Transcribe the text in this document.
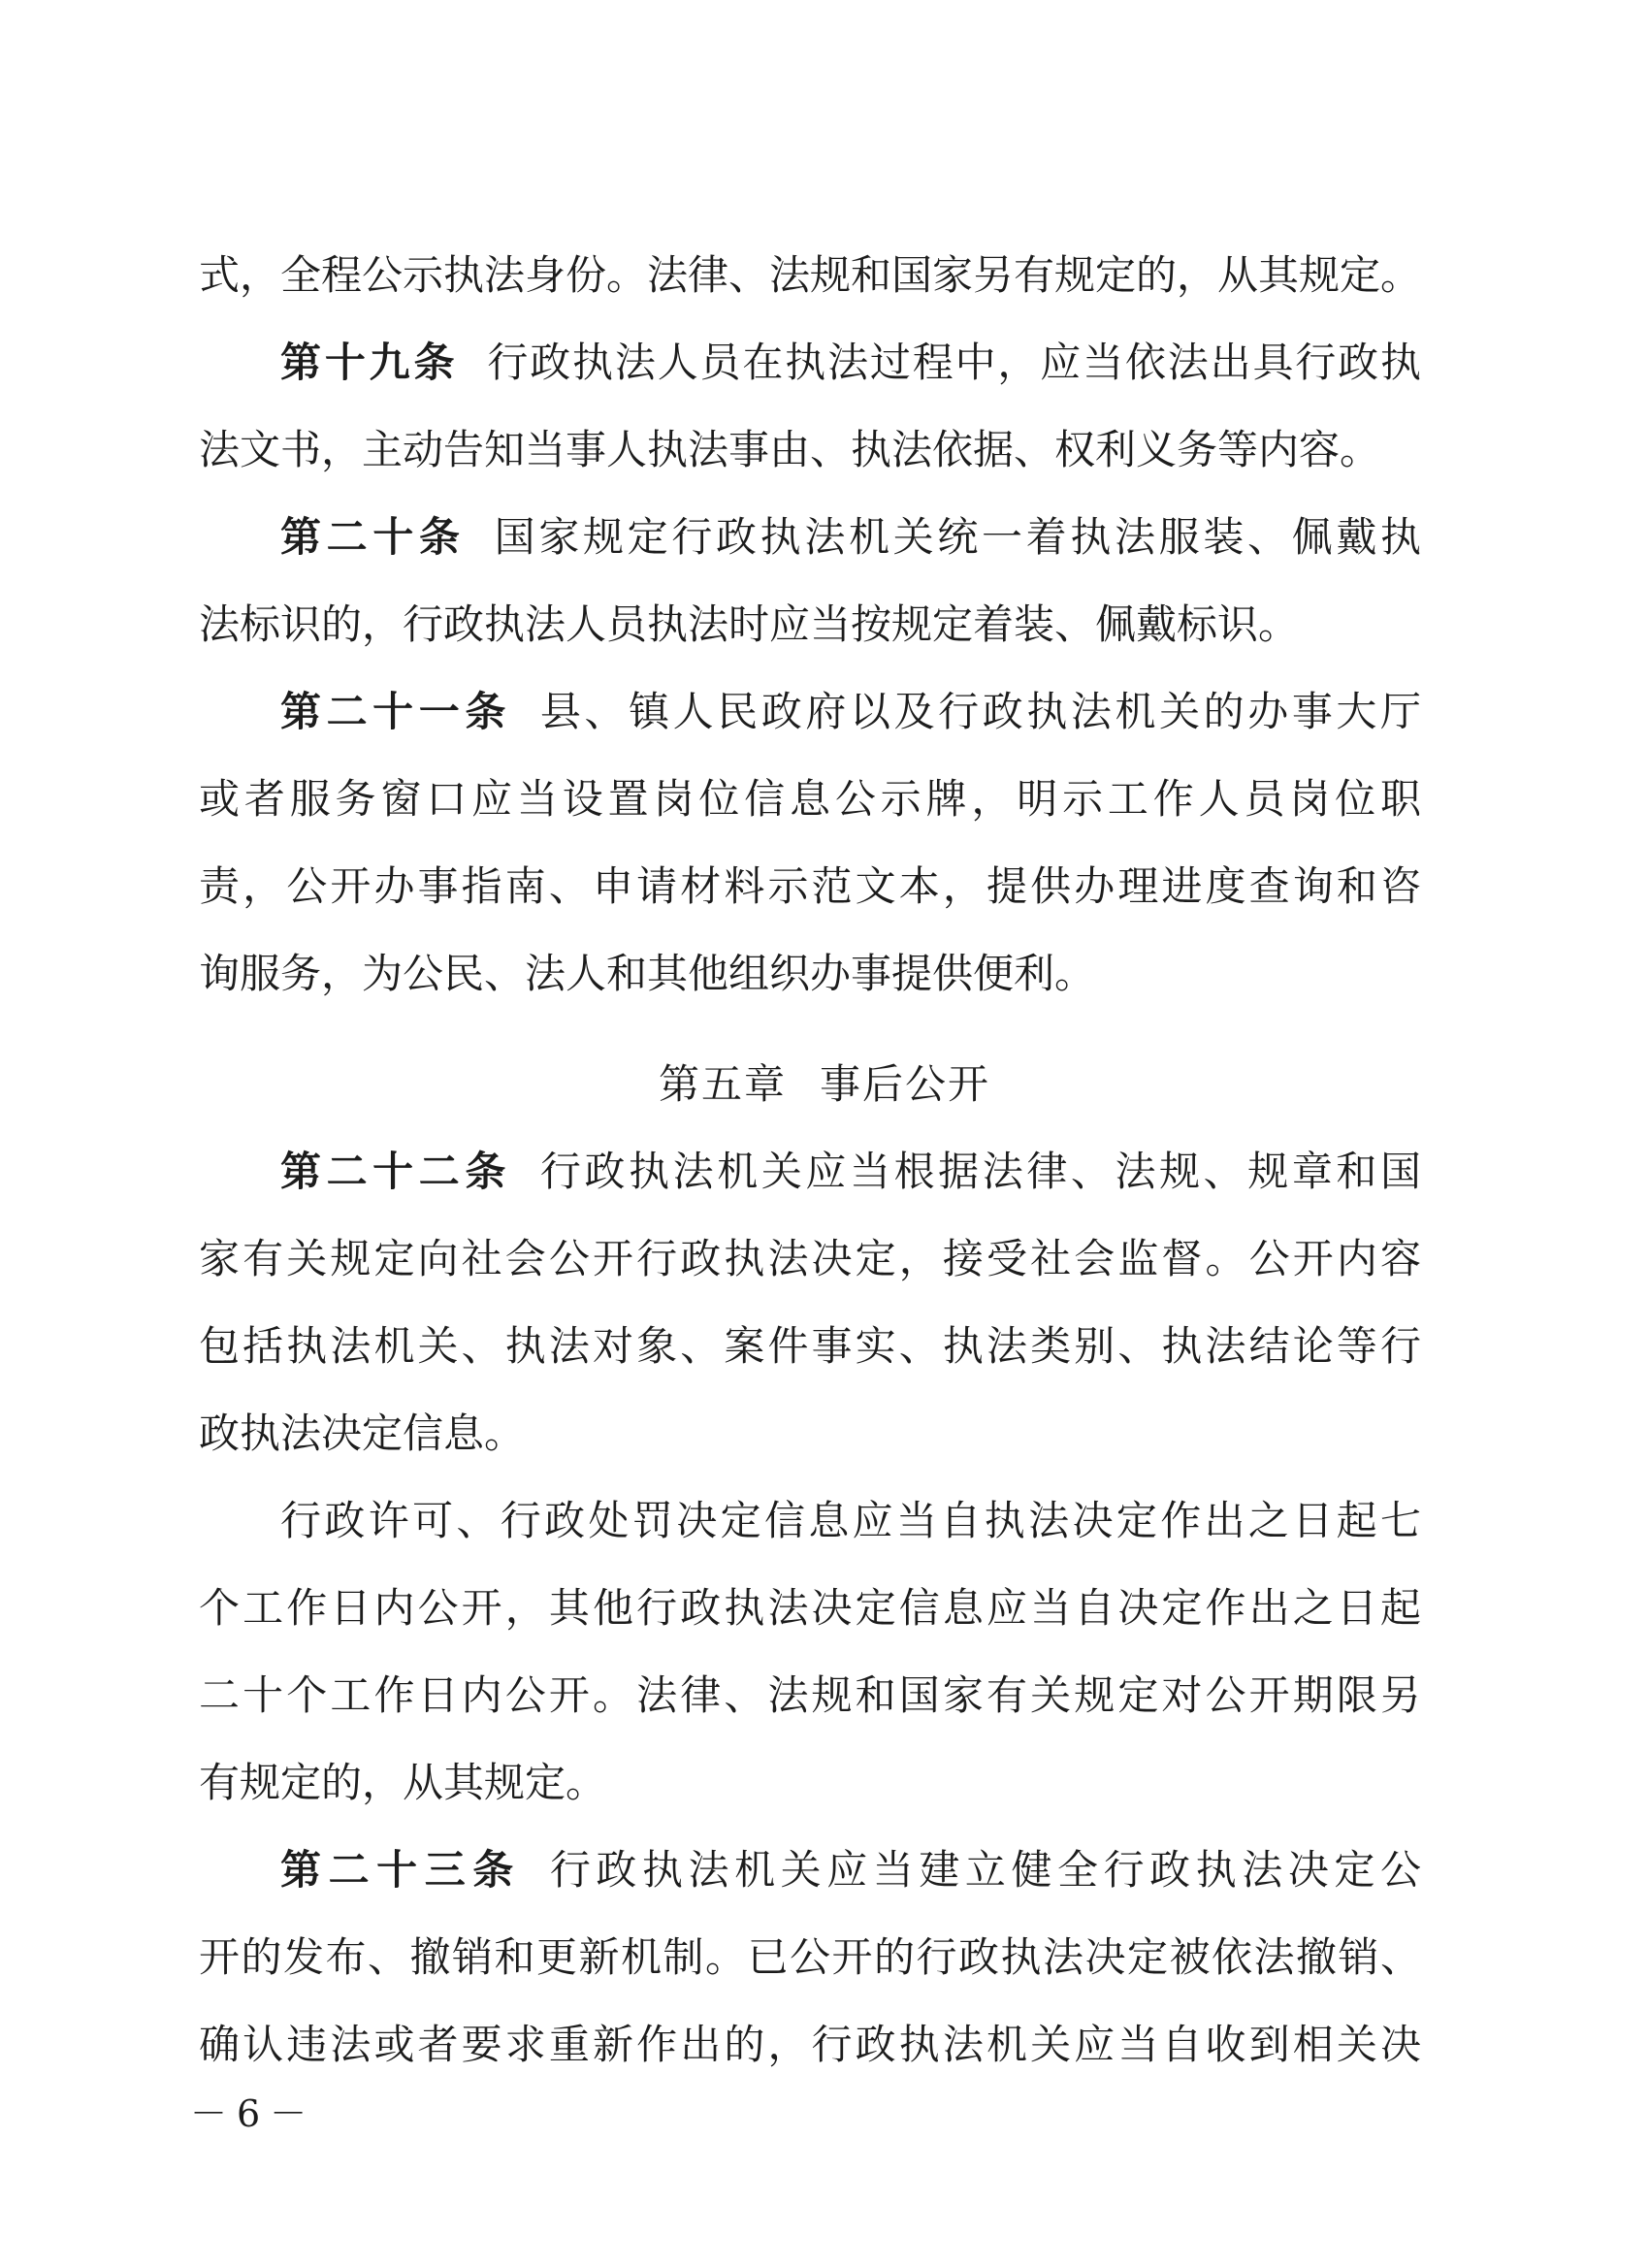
式，全程公示执法身份。法律、法规和国家另有规定的，从其规定。
第十九条 行政执法人员在执法过程中，应当依法出具行政执
法文书，主动告知当事人执法事由、执法依据、权利义务等内容。
第二十条 国家规定行政执法机关统一着执法服装、佩戴执
法标识的，行政执法人员执法时应当按规定着装、佩戴标识。
第二十一条 县、镇人民政府以及行政执法机关的办事大厅
或者服务窗口应当设置岗位信息公示牌，明示工作人员岗位职
责，公开办事指南、申请材料示范文本，提供办理进度查询和咨
询服务，为公民、法人和其他组织办事提供便利。
第五章 事后公开
第二十二条 行政执法机关应当根据法律、法规、规章和国
家有关规定向社会公开行政执法决定，接受社会监督。公开内容
包括执法机关、执法对象、案件事实、执法类别、执法结论等行
政执法决定信息。
行政许可、行政处罚决定信息应当自执法决定作出之日起七
个工作日内公开，其他行政执法决定信息应当自决定作出之日起
二十个工作日内公开。法律、法规和国家有关规定对公开期限另
有规定的，从其规定。
第二十三条 行政执法机关应当建立健全行政执法决定公
开的发布、撤销和更新机制。已公开的行政执法决定被依法撤销、
确认违法或者要求重新作出的，行政执法机关应当自收到相关决
－6－
